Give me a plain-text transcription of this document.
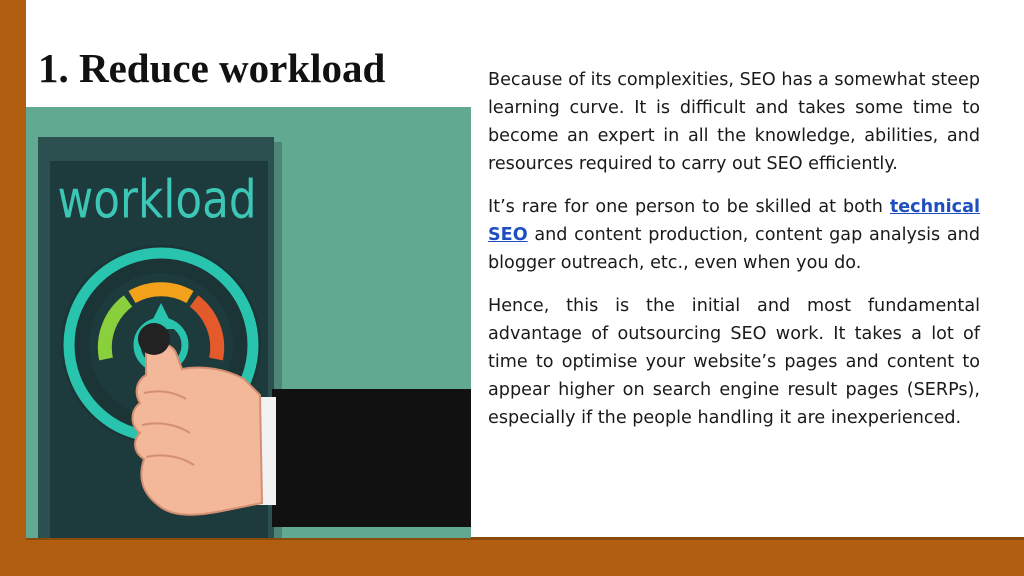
1. Reduce workload
workload

Because of its complexities, SEO has a somewhat steep learning curve. It is difficult and takes some time to become an expert in all the knowledge, abilities, and resources required to carry out SEO efficiently.

It’s rare for one person to be skilled at both technical SEO and content production, content gap analysis and blogger outreach, etc., even when you do.

Hence, this is the initial and most fundamental advantage of outsourcing SEO work. It takes a lot of time to optimise your website’s pages and content to appear higher on search engine result pages (SERPs), especially if the people handling it are inexperienced.
